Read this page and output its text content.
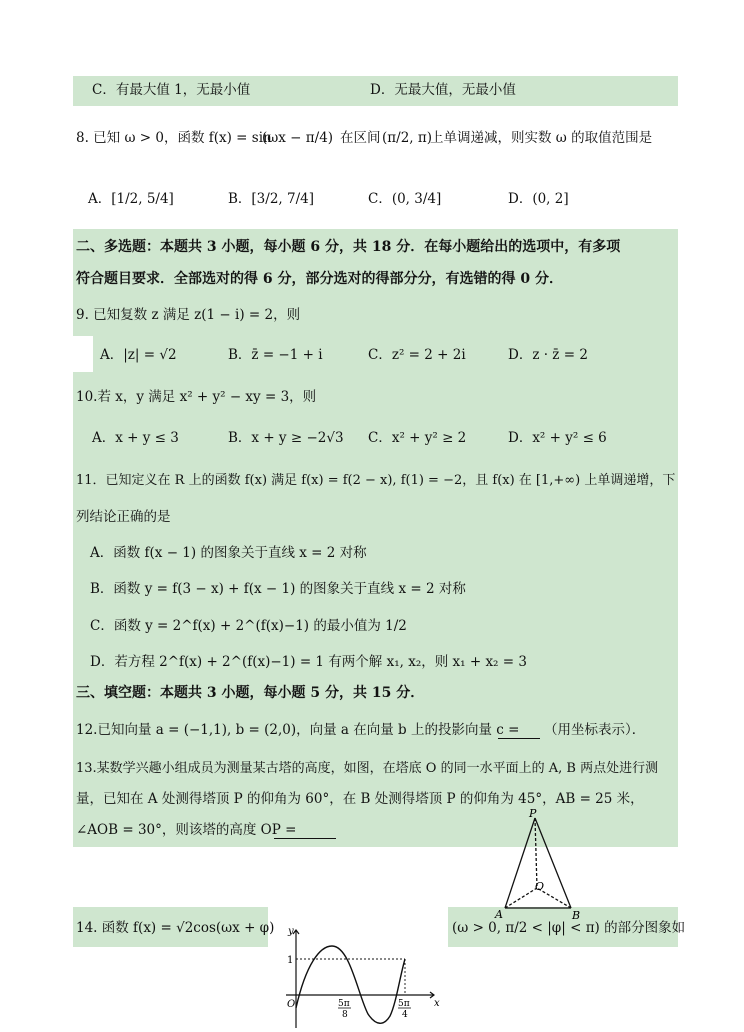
C．有最大值 1，无最小值	D．无最大值，无最小值
8. 已知 ω > 0，函数 f(x) = sin
(ωx − π/4) 在区间 (π/2, π)
上单调递减，则实数 ω 的取值范围是
A．[1/2, 5/4]	B．[3/2, 7/4]	C．(0, 3/4]	D．(0, 2]
二、多选题：本题共 3 小题，每小题 6 分，共 18 分．在每小题给出的选项中，有多项
符合题目要求．全部选对的得 6 分，部分选对的得部分分，有选错的得 0 分．
9. 已知复数 z 满足 z(1 − i) = 2，则
A．|z| = √2	B．z̄ = −1 + i	C．z² = 2 + 2i	D．z · z̄ = 2
10.若 x，y 满足 x² + y² − xy = 3，则
A．x + y ≤ 3	B．x + y ≥ −2√3 C．x² + y² ≥ 2	D．x² + y² ≤ 6
11．已知定义在 R 上的函数 f(x) 满足 f(x) = f(2 − x), f(1) = −2，且 f(x) 在 [1,+∞) 上单调递增，下
列结论正确的是
A．函数 f(x − 1) 的图象关于直线 x = 2 对称
B．函数 y = f(3 − x) + f(x − 1) 的图象关于直线 x = 2 对称
C．函数 y = 2^f(x) + 2^(f(x)−1) 的最小值为 1/2
D．若方程 2^f(x) + 2^(f(x)−1) = 1 有两个解 x₁, x₂，则 x₁ + x₂ = 3
三、填空题：本题共 3 小题，每小题 5 分，共 15 分．
12.已知向量 a = (−1,1), b = (2,0)，向量 a 在向量 b 上的投影向量 c = （用坐标表示）．
13.某数学兴趣小组成员为测量某古塔的高度，如图，在塔底 O 的同一水平面上的 A, B 两点处进行测
量，已知在 A 处测得塔顶 P 的仰角为 60°，在 B 处测得塔顶 P 的仰角为 45°，AB = 25 米，
∠AOB = 30°，则该塔的高度 OP =
P
O
A	B
14. 函数 f(x) = √2cos(ωx + φ)	(ω > 0, π/2 < |φ| < π) 的部分图象如
y
x
O
1
5π
8
5π
4
